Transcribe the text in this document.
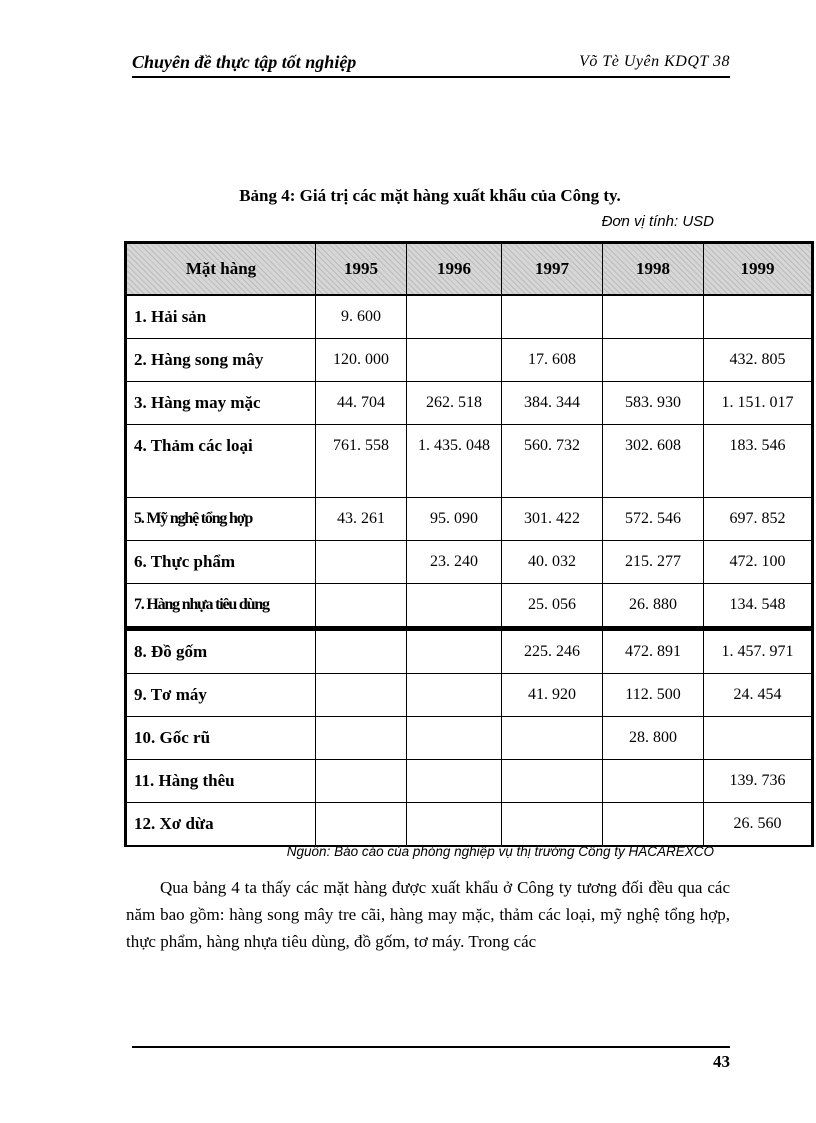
Chuyên đề thực tập tốt nghiệp	Võ Tè Uyên KDQT 38
Bảng 4: Giá trị các mặt hàng xuất khẩu của Công ty.
Đơn vị tính: USD
Mặt hàng	1995	1996	1997	1998	1999
1. Hải sản	9. 600				
2. Hàng song mây	120. 000		17. 608		432. 805
3. Hàng may mặc	44. 704	262. 518	384. 344	583. 930	1. 151. 017
4. Thảm các loại	761. 558	1. 435. 048	560. 732	302. 608	183. 546
5. Mỹ nghệ tổng hợp	43. 261	95. 090	301. 422	572. 546	697. 852
6. Thực phẩm		23. 240	40. 032	215. 277	472. 100
7. Hàng nhựa tiêu dùng			25. 056	26. 880	134. 548
8. Đồ gốm			225. 246	472. 891	1. 457. 971
9. Tơ máy			41. 920	112. 500	24. 454
10. Gốc rũ				28. 800	
11. Hàng thêu					139. 736
12. Xơ dừa					26. 560
Nguồn: Báo cáo của phòng nghiệp vụ thị trường Công ty HACAREXCO
Qua bảng 4 ta thấy các mặt hàng được xuất khẩu ở Công ty tương đối đều qua các năm bao gồm: hàng song mây tre cãi, hàng may mặc, thảm các loại, mỹ nghệ tổng hợp, thực phẩm, hàng nhựa tiêu dùng, đồ gốm, tơ máy. Trong các
43
